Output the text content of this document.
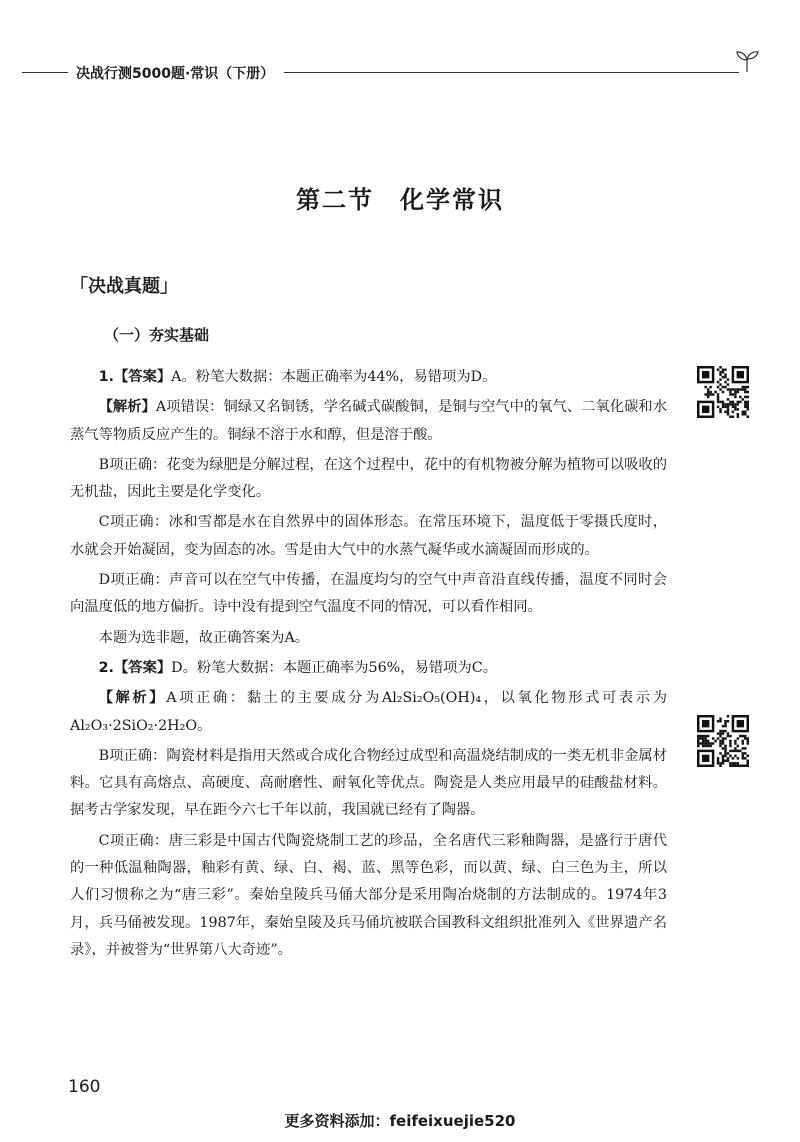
决战行测5000题·常识（下册）
第二节　化学常识
「决战真题」
（一）夯实基础

1.【答案】A。粉笔大数据：本题正确率为44%，易错项为D。

【解析】A项错误：铜绿又名铜锈，学名碱式碳酸铜，是铜与空气中的氧气、二氧化碳和水蒸气等物质反应产生的。铜绿不溶于水和醇，但是溶于酸。

B项正确：花变为绿肥是分解过程，在这个过程中，花中的有机物被分解为植物可以吸收的无机盐，因此主要是化学变化。

C项正确：冰和雪都是水在自然界中的固体形态。在常压环境下，温度低于零摄氏度时，水就会开始凝固，变为固态的冰。雪是由大气中的水蒸气凝华或水滴凝固而形成的。

D项正确：声音可以在空气中传播，在温度均匀的空气中声音沿直线传播，温度不同时会向温度低的地方偏折。诗中没有提到空气温度不同的情况，可以看作相同。

本题为选非题，故正确答案为A。

2.【答案】D。粉笔大数据：本题正确率为56%，易错项为C。

【解析】A项正确：黏土的主要成分为Al₂Si₂O₅(OH)₄，以氧化物形式可表示为Al₂O₃·2SiO₂·2H₂O。

B项正确：陶瓷材料是指用天然或合成化合物经过成型和高温烧结制成的一类无机非金属材料。它具有高熔点、高硬度、高耐磨性、耐氧化等优点。陶瓷是人类应用最早的硅酸盐材料。据考古学家发现，早在距今六七千年以前，我国就已经有了陶器。

C项正确：唐三彩是中国古代陶瓷烧制工艺的珍品，全名唐代三彩釉陶器，是盛行于唐代的一种低温釉陶器，釉彩有黄、绿、白、褐、蓝、黑等色彩，而以黄、绿、白三色为主，所以人们习惯称之为“唐三彩”。秦始皇陵兵马俑大部分是采用陶冶烧制的方法制成的。1974年3月，兵马俑被发现。1987年，秦始皇陵及兵马俑坑被联合国教科文组织批准列入《世界遗产名录》，并被誉为“世界第八大奇迹”。

160
更多资料添加：feifeixuejie520
